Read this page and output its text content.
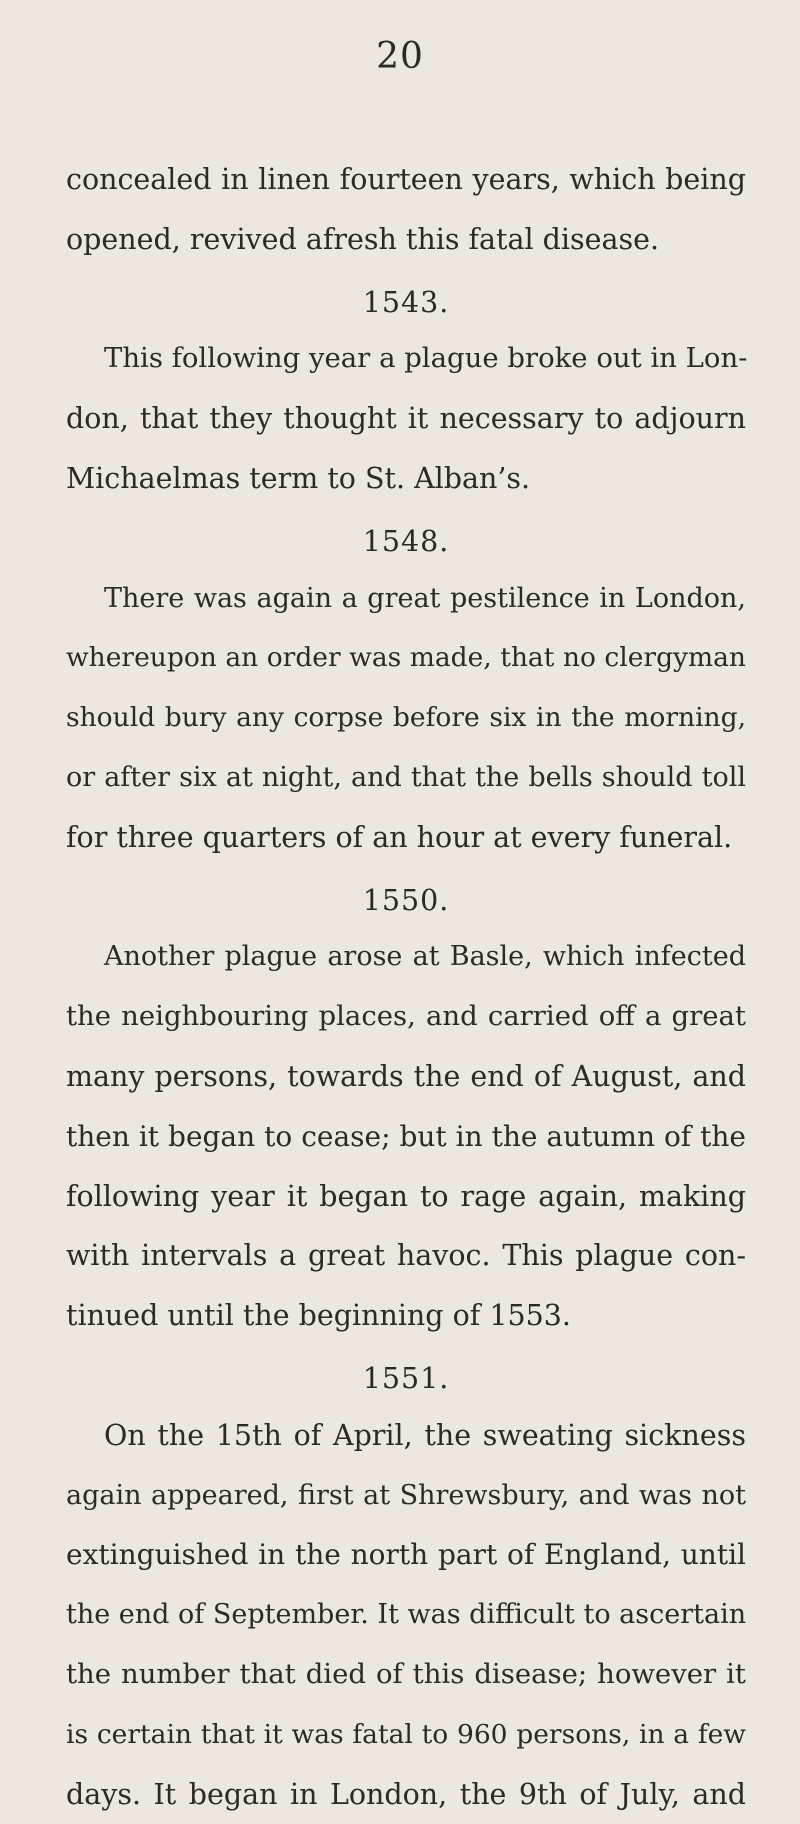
20
concealed in linen fourteen years, which being
opened, revived afresh this fatal disease.
1543.
This following year a plague broke out in Lon-
don, that they thought it necessary to adjourn
Michaelmas term to St. Alban’s.
1548.
There was again a great pestilence in London,
whereupon an order was made, that no clergyman
should bury any corpse before six in the morning,
or after six at night, and that the bells should toll
for three quarters of an hour at every funeral.
1550.
Another plague arose at Basle, which infected
the neighbouring places, and carried off a great
many persons, towards the end of August, and
then it began to cease; but in the autumn of the
following year it began to rage again, making
with intervals a great havoc. This plague con-
tinued until the beginning of 1553.
1551.
On the 15th of April, the sweating sickness
again appeared, first at Shrewsbury, and was not
extinguished in the north part of England, until
the end of September. It was difficult to ascertain
the number that died of this disease; however it
is certain that it was fatal to 960 persons, in a few
days. It began in London, the 9th of July, and
